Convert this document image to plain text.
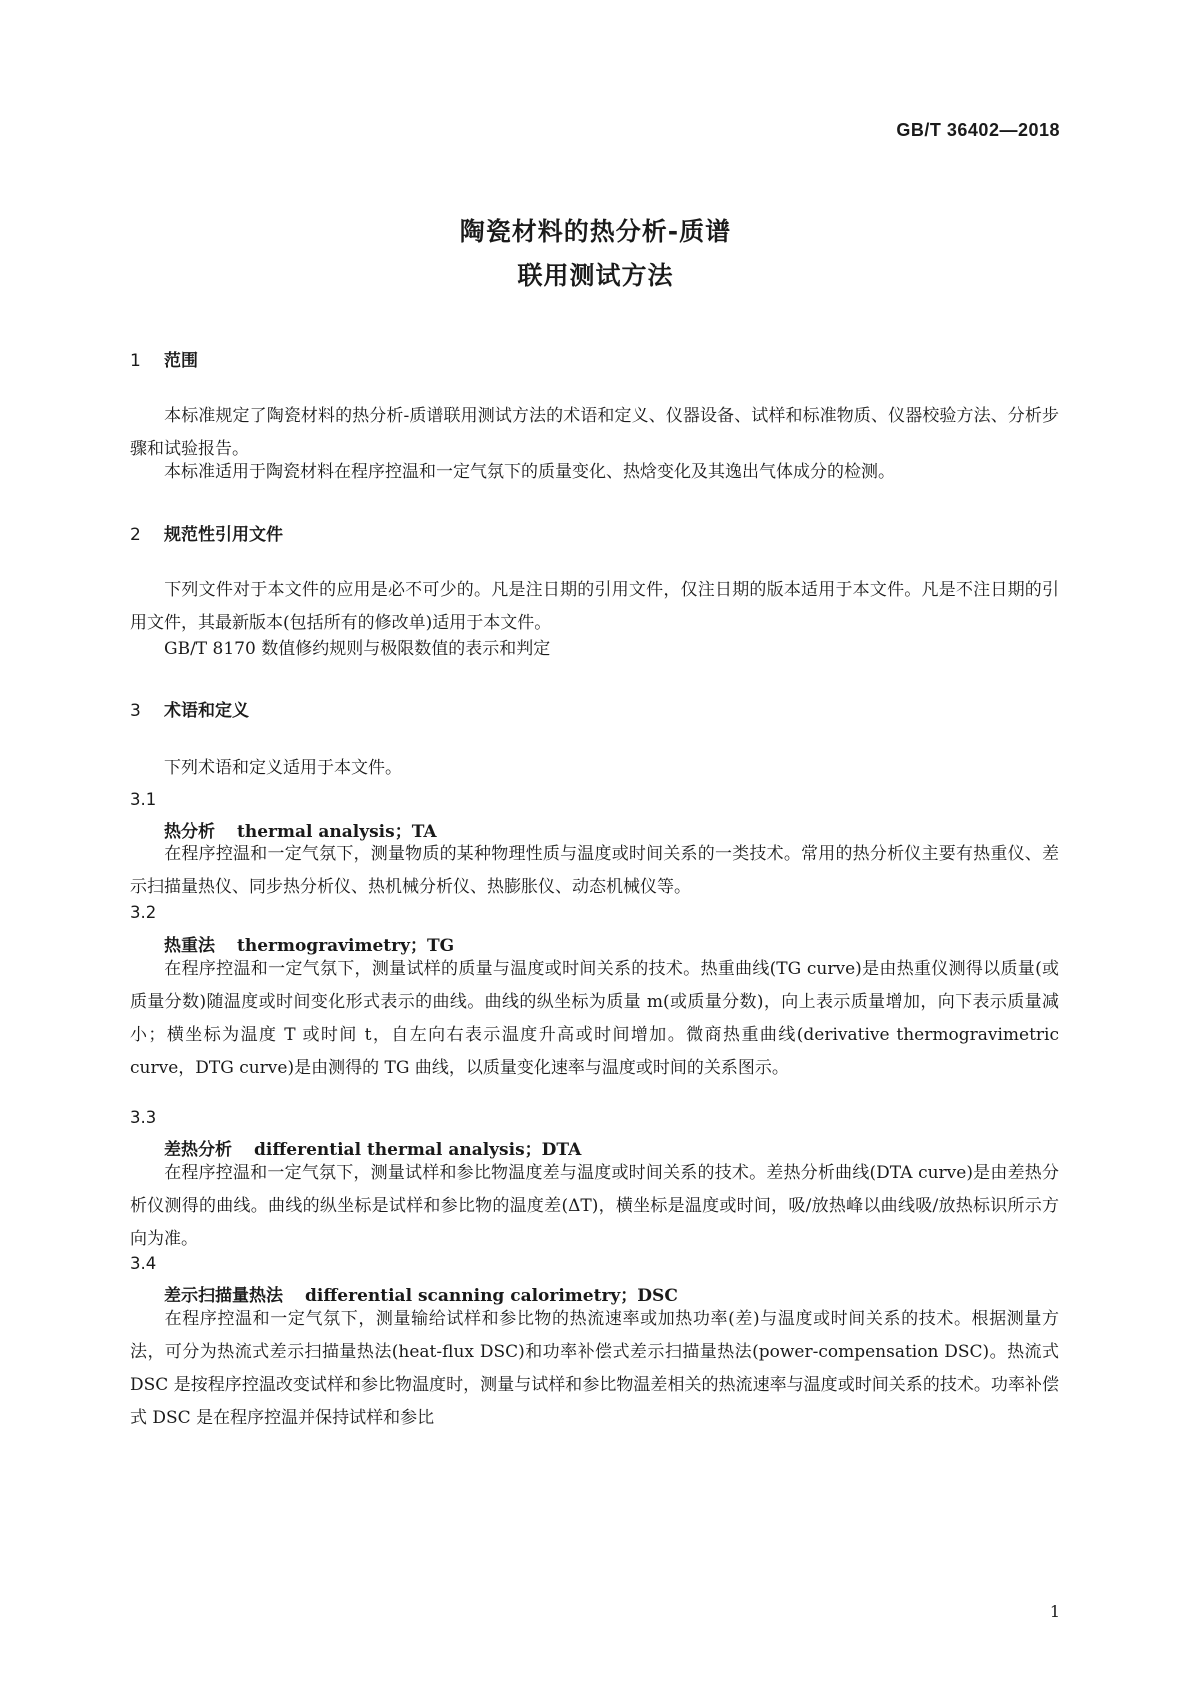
GB/T 36402—2018
陶瓷材料的热分析-质谱
联用测试方法
1 范围
本标准规定了陶瓷材料的热分析-质谱联用测试方法的术语和定义、仪器设备、试样和标准物质、仪器校验方法、分析步骤和试验报告。
本标准适用于陶瓷材料在程序控温和一定气氛下的质量变化、热焓变化及其逸出气体成分的检测。
2 规范性引用文件
下列文件对于本文件的应用是必不可少的。凡是注日期的引用文件，仅注日期的版本适用于本文件。凡是不注日期的引用文件，其最新版本(包括所有的修改单)适用于本文件。
GB/T 8170 数值修约规则与极限数值的表示和判定
3 术语和定义
下列术语和定义适用于本文件。
3.1
热分析 thermal analysis；TA
在程序控温和一定气氛下，测量物质的某种物理性质与温度或时间关系的一类技术。常用的热分析仪主要有热重仪、差示扫描量热仪、同步热分析仪、热机械分析仪、热膨胀仪、动态机械仪等。
3.2
热重法 thermogravimetry；TG
在程序控温和一定气氛下，测量试样的质量与温度或时间关系的技术。热重曲线(TG curve)是由热重仪测得以质量(或质量分数)随温度或时间变化形式表示的曲线。曲线的纵坐标为质量 m(或质量分数)，向上表示质量增加，向下表示质量减小；横坐标为温度 T 或时间 t，自左向右表示温度升高或时间增加。微商热重曲线(derivative thermogravimetric curve，DTG curve)是由测得的 TG 曲线，以质量变化速率与温度或时间的关系图示。
3.3
差热分析 differential thermal analysis；DTA
在程序控温和一定气氛下，测量试样和参比物温度差与温度或时间关系的技术。差热分析曲线(DTA curve)是由差热分析仪测得的曲线。曲线的纵坐标是试样和参比物的温度差(ΔT)，横坐标是温度或时间，吸/放热峰以曲线吸/放热标识所示方向为准。
3.4
差示扫描量热法 differential scanning calorimetry；DSC
在程序控温和一定气氛下，测量输给试样和参比物的热流速率或加热功率(差)与温度或时间关系的技术。根据测量方法，可分为热流式差示扫描量热法(heat-flux DSC)和功率补偿式差示扫描量热法(power-compensation DSC)。热流式 DSC 是按程序控温改变试样和参比物温度时，测量与试样和参比物温差相关的热流速率与温度或时间关系的技术。功率补偿式 DSC 是在程序控温并保持试样和参比
1
